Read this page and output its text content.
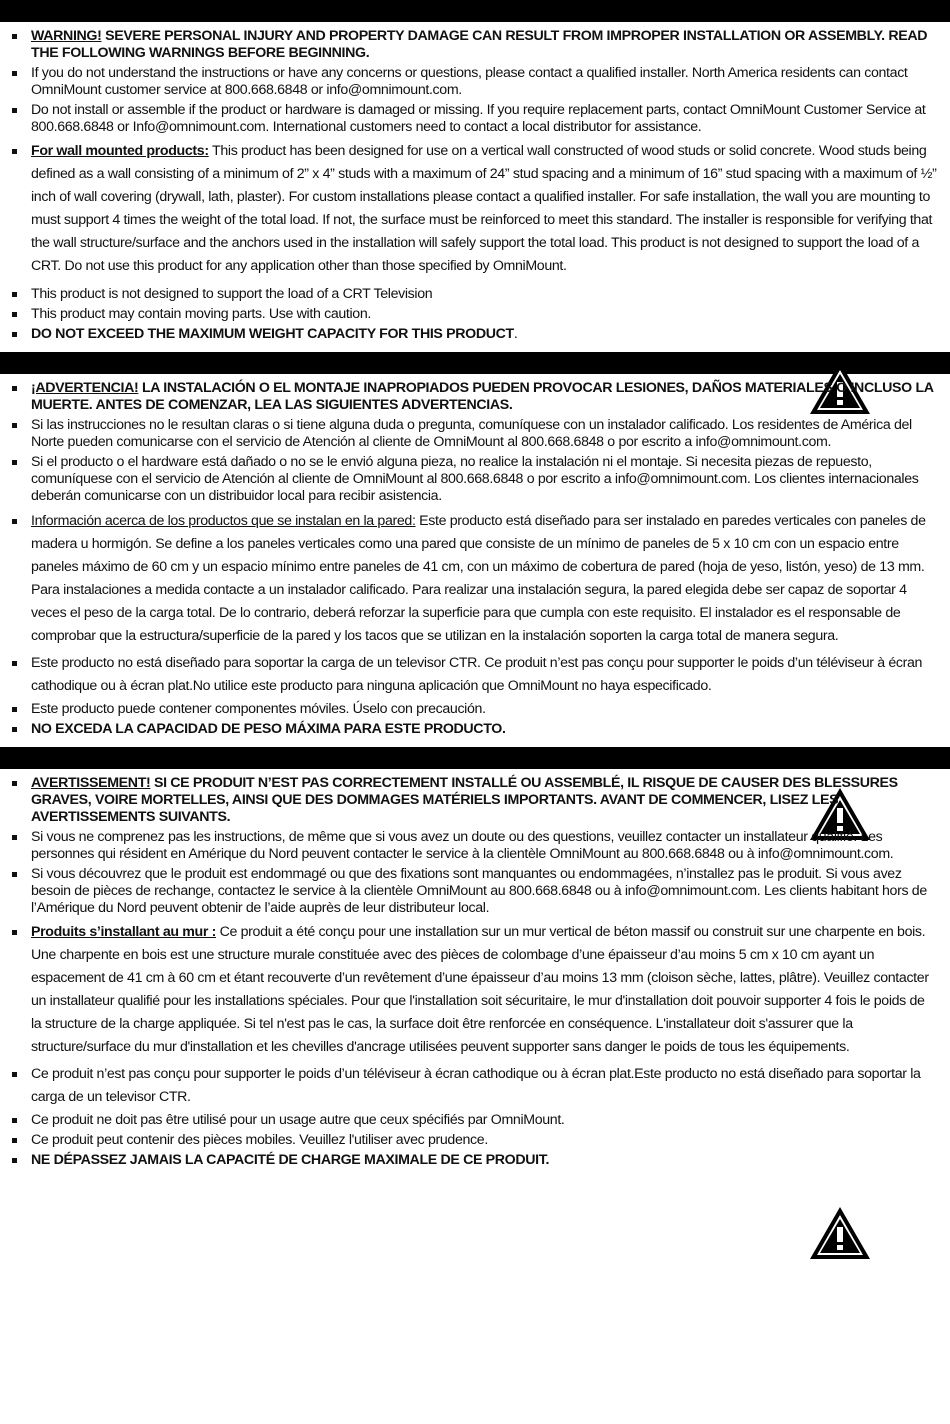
WARNING! SEVERE PERSONAL INJURY AND PROPERTY DAMAGE CAN RESULT FROM IMPROPER INSTALLATION OR ASSEMBLY. READ THE FOLLOWING WARNINGS BEFORE BEGINNING.
If you do not understand the instructions or have any concerns or questions, please contact a qualified installer. North America residents can contact OmniMount customer service at 800.668.6848 or info@omnimount.com.
Do not install or assemble if the product or hardware is damaged or missing. If you require replacement parts, contact OmniMount Customer Service at 800.668.6848 or Info@omnimount.com. International customers need to contact a local distributor for assistance.
For wall mounted products: This product has been designed for use on a vertical wall constructed of wood studs or solid concrete. Wood studs being defined as a wall consisting of a minimum of 2” x 4” studs with a maximum of 24” stud spacing and a minimum of 16” stud spacing with a maximum of ½” inch of wall covering (drywall, lath, plaster). For custom installations please contact a qualified installer. For safe installation, the wall you are mounting to must support 4 times the weight of the total load. If not, the surface must be reinforced to meet this standard. The installer is responsible for verifying that the wall structure/surface and the anchors used in the installation will safely support the total load. This product is not designed to support the load of a CRT. Do not use this product for any application other than those specified by OmniMount.
This product is not designed to support the load of a CRT Television
This product may contain moving parts. Use with caution.
DO NOT EXCEED THE MAXIMUM WEIGHT CAPACITY FOR THIS PRODUCT.
¡ADVERTENCIA! LA INSTALACIÓN O EL MONTAJE INAPROPIADOS PUEDEN PROVOCAR LESIONES, DAÑOS MATERIALES O INCLUSO LA MUERTE. ANTES DE COMENZAR, LEA LAS SIGUIENTES ADVERTENCIAS.
Si las instrucciones no le resultan claras o si tiene alguna duda o pregunta, comuníquese con un instalador calificado. Los residentes de América del Norte pueden comunicarse con el servicio de Atención al cliente de OmniMount al 800.668.6848 o por escrito a info@omnimount.com.
Si el producto o el hardware está dañado o no se le envió alguna pieza, no realice la instalación ni el montaje. Si necesita piezas de repuesto, comuníquese con el servicio de Atención al cliente de OmniMount al 800.668.6848 o por escrito a info@omnimount.com. Los clientes internacionales deberán comunicarse con un distribuidor local para recibir asistencia.
Información acerca de los productos que se instalan en la pared: Este producto está diseñado para ser instalado en paredes verticales con paneles de madera u hormigón. Se define a los paneles verticales como una pared que consiste de un mínimo de paneles de 5 x 10 cm con un espacio entre paneles máximo de 60 cm y un espacio mínimo entre paneles de 41 cm, con un máximo de cobertura de pared (hoja de yeso, listón, yeso) de 13 mm. Para instalaciones a medida contacte a un instalador calificado. Para realizar una instalación segura, la pared elegida debe ser capaz de soportar 4 veces el peso de la carga total. De lo contrario, deberá reforzar la superficie para que cumpla con este requisito. El instalador es el responsable de comprobar que la estructura/superficie de la pared y los tacos que se utilizan en la instalación soporten la carga total de manera segura.
Este producto no está diseñado para soportar la carga de un televisor CTR. Ce produit n’est pas conçu pour supporter le poids d’un téléviseur à écran cathodique ou à écran plat.No utilice este producto para ninguna aplicación que OmniMount no haya especificado.
Este producto puede contener componentes móviles. Úselo con precaución.
NO EXCEDA LA CAPACIDAD DE PESO MÁXIMA PARA ESTE PRODUCTO.
AVERTISSEMENT! SI CE PRODUIT N’EST PAS CORRECTEMENT INSTALLÉ OU ASSEMBLÉ, IL RISQUE DE CAUSER DES BLESSURES GRAVES, VOIRE MORTELLES, AINSI QUE DES DOMMAGES MATÉRIELS IMPORTANTS. AVANT DE COMMENCER, LISEZ LES AVERTISSEMENTS SUIVANTS.
Si vous ne comprenez pas les instructions, de même que si vous avez un doute ou des questions, veuillez contacter un installateur qualifié. Les personnes qui résident en Amérique du Nord peuvent contacter le service à la clientèle OmniMount au 800.668.6848 ou à info@omnimount.com.
Si vous découvrez que le produit est endommagé ou que des fixations sont manquantes ou endommagées, n’installez pas le produit. Si vous avez besoin de pièces de rechange, contactez le service à la clientèle OmniMount au 800.668.6848 ou à info@omnimount.com. Les clients habitant hors de l’Amérique du Nord peuvent obtenir de l’aide auprès de leur distributeur local.
Produits s’installant au mur : Ce produit a été conçu pour une installation sur un mur vertical de béton massif ou construit sur une charpente en bois. Une charpente en bois est une structure murale constituée avec des pièces de colombage d’une épaisseur d’au moins 5 cm x 10 cm ayant un espacement de 41 cm à 60 cm et étant recouverte d’un revêtement d’une épaisseur d’au moins 13 mm (cloison sèche, lattes, plâtre). Veuillez contacter un installateur qualifié pour les installations spéciales. Pour que l'installation soit sécuritaire, le mur d'installation doit pouvoir supporter 4 fois le poids de la structure de la charge appliquée. Si tel n'est pas le cas, la surface doit être renforcée en conséquence. L'installateur doit s'assurer que la structure/surface du mur d'installation et les chevilles d'ancrage utilisées peuvent supporter sans danger le poids de tous les équipements.
Ce produit n’est pas conçu pour supporter le poids d’un téléviseur à écran cathodique ou à écran plat.Este producto no está diseñado para soportar la carga de un televisor CTR.
Ce produit ne doit pas être utilisé pour un usage autre que ceux spécifiés par OmniMount.
Ce produit peut contenir des pièces mobiles. Veuillez l'utiliser avec prudence.
NE DÉPASSEZ JAMAIS LA CAPACITÉ DE CHARGE MAXIMALE DE CE PRODUIT.
